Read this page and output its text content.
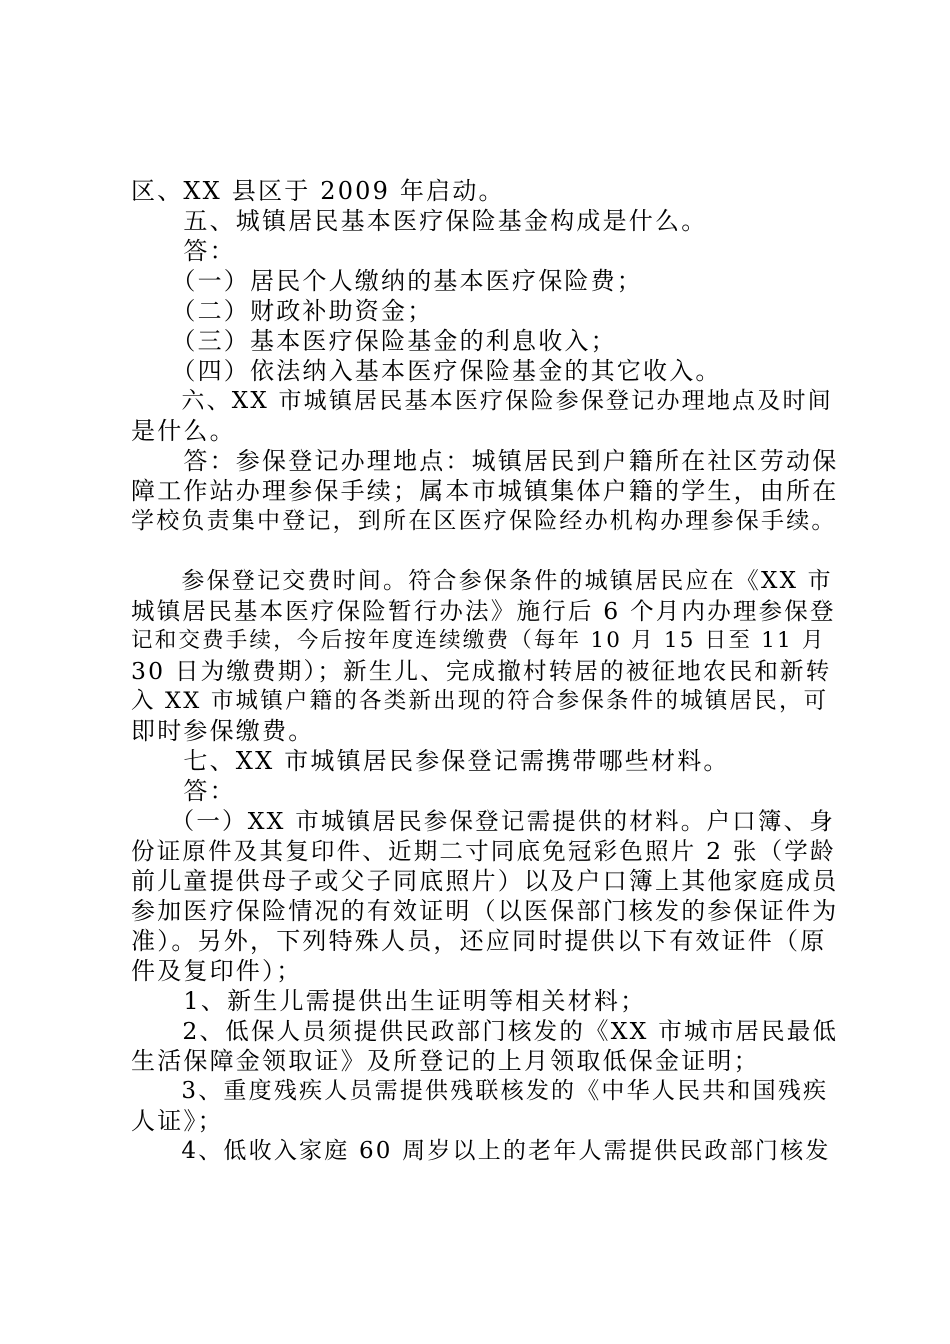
区、XX 县区于 2009 年启动。
　　五、城镇居民基本医疗保险基金构成是什么。
　　答：
　　（一）居民个人缴纳的基本医疗保险费；
　　（二）财政补助资金；
　　（三）基本医疗保险基金的利息收入；
　　（四）依法纳入基本医疗保险基金的其它收入。
　　六、XX 市城镇居民基本医疗保险参保登记办理地点及时间
是什么。
　　答：参保登记办理地点：城镇居民到户籍所在社区劳动保
障工作站办理参保手续；属本市城镇集体户籍的学生，由所在
学校负责集中登记，到所在区医疗保险经办机构办理参保手续。
　　参保登记交费时间。符合参保条件的城镇居民应在《XX 市
城镇居民基本医疗保险暂行办法》施行后 6 个月内办理参保登
记和交费手续，今后按年度连续缴费（每年 10 月 15 日至 11 月
30 日为缴费期）；新生儿、完成撤村转居的被征地农民和新转
入 XX 市城镇户籍的各类新出现的符合参保条件的城镇居民，可
即时参保缴费。
　　七、XX 市城镇居民参保登记需携带哪些材料。
　　答：
　　（一）XX 市城镇居民参保登记需提供的材料。户口簿、身
份证原件及其复印件、近期二寸同底免冠彩色照片 2 张（学龄
前儿童提供母子或父子同底照片）以及户口簿上其他家庭成员
参加医疗保险情况的有效证明（以医保部门核发的参保证件为
准）。另外，下列特殊人员，还应同时提供以下有效证件（原
件及复印件）；
　　1、新生儿需提供出生证明等相关材料；
　　2、低保人员须提供民政部门核发的《XX 市城市居民最低
生活保障金领取证》及所登记的上月领取低保金证明；
　　3、重度残疾人员需提供残联核发的《中华人民共和国残疾
人证》；
　　4、低收入家庭 60 周岁以上的老年人需提供民政部门核发
